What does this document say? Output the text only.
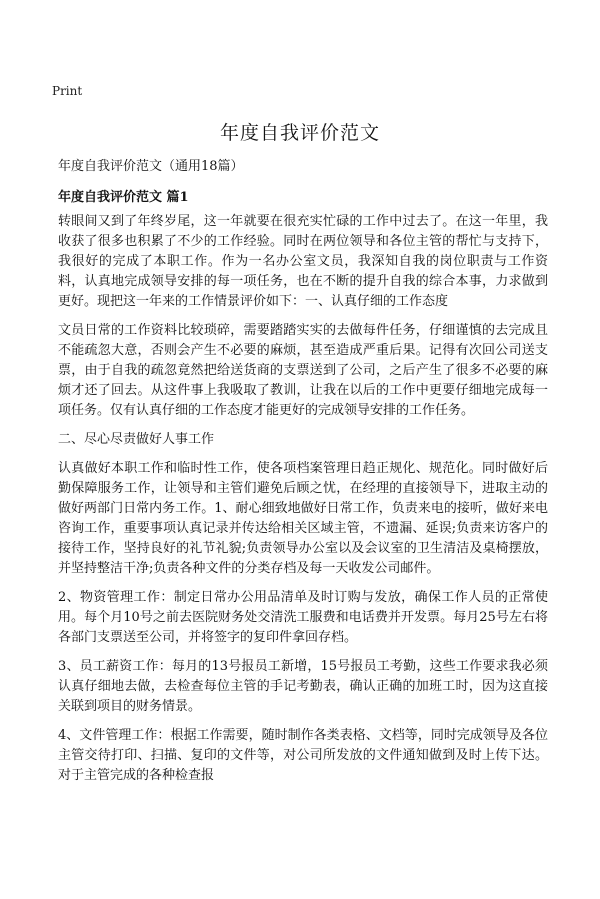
Print
年度自我评价范文
年度自我评价范文（通用18篇）
年度自我评价范文 篇1

转眼间又到了年终岁尾，这一年就要在很充实忙碌的工作中过去了。在这一年里，我收获了很多也积累了不少的工作经验。同时在两位领导和各位主管的帮忙与支持下，我很好的完成了本职工作。作为一名办公室文员，我深知自我的岗位职责与工作资料，认真地完成领导安排的每一项任务，也在不断的提升自我的综合本事，力求做到更好。现把这一年来的工作情景评价如下：一、认真仔细的工作态度

文员日常的工作资料比较琐碎，需要踏踏实实的去做每件任务，仔细谨慎的去完成且不能疏忽大意，否则会产生不必要的麻烦，甚至造成严重后果。记得有次回公司送支票，由于自我的疏忽竟然把给送货商的支票送到了公司，之后产生了很多不必要的麻烦才还了回去。从这件事上我吸取了教训，让我在以后的工作中更要仔细地完成每一项任务。仅有认真仔细的工作态度才能更好的完成领导安排的工作任务。

二、尽心尽责做好人事工作

认真做好本职工作和临时性工作，使各项档案管理日趋正规化、规范化。同时做好后勤保障服务工作，让领导和主管们避免后顾之忧，在经理的直接领导下，进取主动的做好两部门日常内务工作。1、耐心细致地做好日常工作，负责来电的接听，做好来电咨询工作，重要事项认真记录并传达给相关区域主管，不遗漏、延误;负责来访客户的接待工作，坚持良好的礼节礼貌;负责领导办公室以及会议室的卫生清洁及桌椅摆放，并坚持整洁干净;负责各种文件的分类存档及每一天收发公司邮件。

2、物资管理工作：制定日常办公用品清单及时订购与发放，确保工作人员的正常使用。每个月10号之前去医院财务处交清洗工服费和电话费并开发票。每月25号左右将各部门支票送至公司，并将签字的复印件拿回存档。

3、员工薪资工作：每月的13号报员工新增，15号报员工考勤，这些工作要求我必须认真仔细地去做，去检查每位主管的手记考勤表，确认正确的加班工时，因为这直接关联到项目的财务情景。

4、文件管理工作：根据工作需要，随时制作各类表格、文档等，同时完成领导及各位主管交待打印、扫描、复印的文件等，对公司所发放的文件通知做到及时上传下达。对于主管完成的各种检查报
